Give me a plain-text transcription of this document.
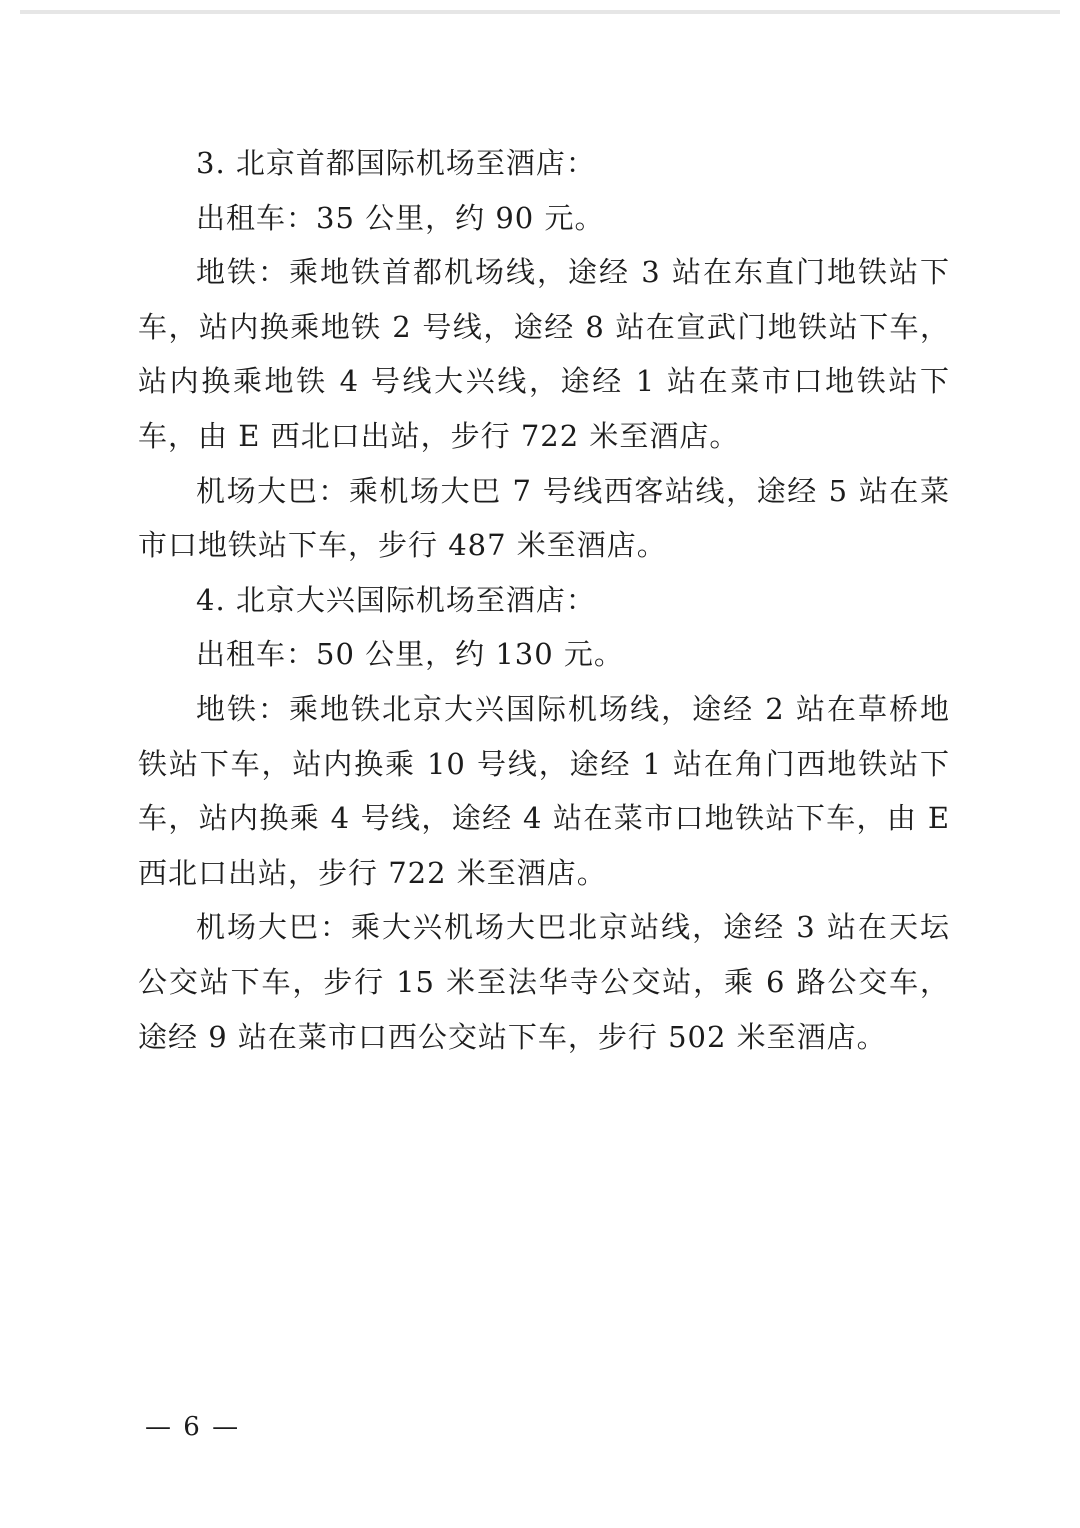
3. 北京首都国际机场至酒店：

出租车：35 公里，约 90 元。

地铁：乘地铁首都机场线，途经 3 站在东直门地铁站下车，站内换乘地铁 2 号线，途经 8 站在宣武门地铁站下车，站内换乘地铁 4 号线大兴线，途经 1 站在菜市口地铁站下车，由 E 西北口出站，步行 722 米至酒店。

机场大巴：乘机场大巴 7 号线西客站线，途经 5 站在菜市口地铁站下车，步行 487 米至酒店。

4. 北京大兴国际机场至酒店：

出租车：50 公里，约 130 元。

地铁：乘地铁北京大兴国际机场线，途经 2 站在草桥地铁站下车，站内换乘 10 号线，途经 1 站在角门西地铁站下车，站内换乘 4 号线，途经 4 站在菜市口地铁站下车，由 E 西北口出站，步行 722 米至酒店。

机场大巴：乘大兴机场大巴北京站线，途经 3 站在天坛公交站下车，步行 15 米至法华寺公交站，乘 6 路公交车，途经 9 站在菜市口西公交站下车，步行 502 米至酒店。

— 6 —
